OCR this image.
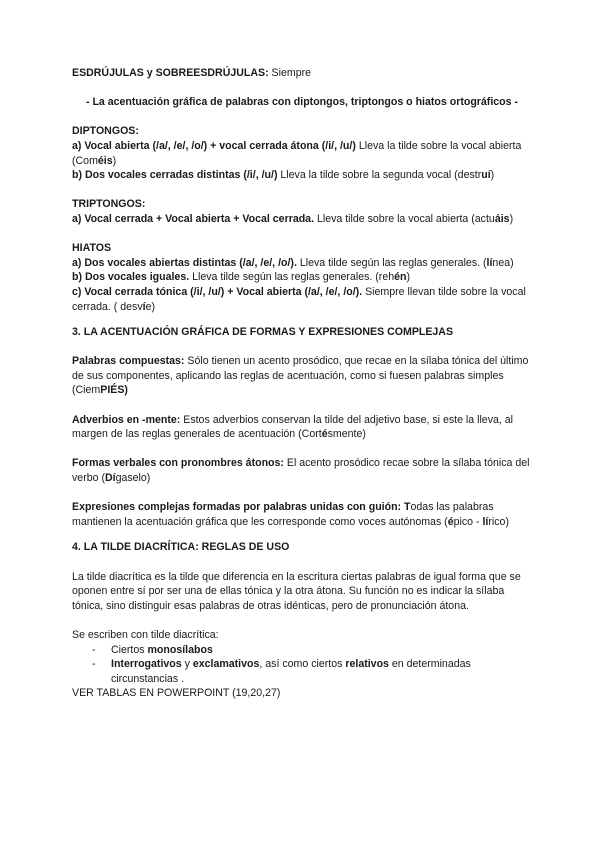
ESDRÚJULAS y SOBREESDRÚJULAS: Siempre

- La acentuación gráfica de palabras con diptongos, triptongos o hiatos ortográficos -

DIPTONGOS:

a) Vocal abierta (/a/, /e/, /o/) + vocal cerrada átona (/i/, /u/) Lleva la tilde sobre la vocal abierta (Coméis)

b) Dos vocales cerradas distintas (/i/, /u/) Lleva la tilde sobre la segunda vocal (destruí)

TRIPTONGOS:

a) Vocal cerrada + Vocal abierta + Vocal cerrada. Lleva tilde sobre la vocal abierta (actuáis)

HIATOS

a) Dos vocales abiertas distintas (/a/, /e/, /o/). Lleva tilde según las reglas generales. (línea)

b) Dos vocales iguales. Lleva tilde según las reglas generales. (rehén)

c) Vocal cerrada tónica (/i/, /u/) + Vocal abierta (/a/, /e/, /o/). Siempre llevan tilde sobre la vocal cerrada. ( desvíe)

3. LA ACENTUACIÓN GRÁFICA DE FORMAS Y EXPRESIONES COMPLEJAS

Palabras compuestas: Sólo tienen un acento prosódico, que recae en la sílaba tónica del último de sus componentes, aplicando las reglas de acentuación, como si fuesen palabras simples (CiemPIÉS)

Adverbios en -mente: Estos adverbios conservan la tilde del adjetivo base, si este la lleva, al margen de las reglas generales de acentuación (Cortésmente)

Formas verbales con pronombres átonos: El acento prosódico recae sobre la sílaba tónica del verbo (Dígaselo)

Expresiones complejas formadas por palabras unidas con guión: Todas las palabras mantienen la acentuación gráfica que les corresponde como voces autónomas (épico - lírico)

4. LA TILDE DIACRÍTICA: REGLAS DE USO

La tilde diacrítica es la tilde que diferencia en la escritura ciertas palabras de igual forma que se oponen entre sí por ser una de ellas tónica y la otra átona. Su función no es indicar la sílaba tónica, sino distinguir esas palabras de otras idénticas, pero de pronunciación átona.

Se escriben con tilde diacrítica:

- Ciertos monosílabos
- Interrogativos y exclamativos, así como ciertos relativos en determinadas circunstancias .

VER TABLAS EN POWERPOINT (19,20,27)
